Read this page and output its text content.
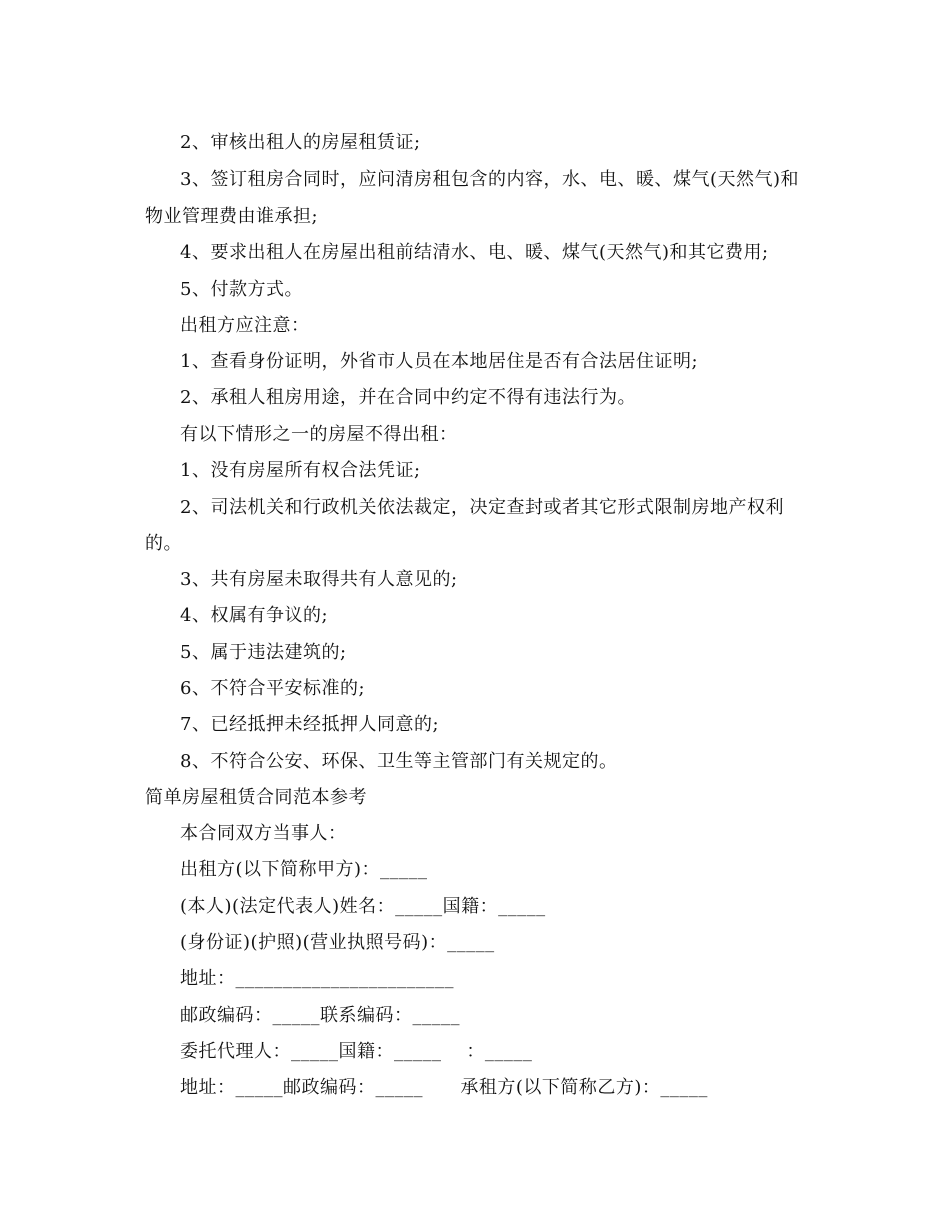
2、审核出租人的房屋租赁证;
3、签订租房合同时，应问清房租包含的内容，水、电、暖、煤气(天然气)和
物业管理费由谁承担;
4、要求出租人在房屋出租前结清水、电、暖、煤气(天然气)和其它费用;
5、付款方式。
出租方应注意：
1、查看身份证明，外省市人员在本地居住是否有合法居住证明;
2、承租人租房用途，并在合同中约定不得有违法行为。
有以下情形之一的房屋不得出租：
1、没有房屋所有权合法凭证;
2、司法机关和行政机关依法裁定，决定查封或者其它形式限制房地产权利
的。
3、共有房屋未取得共有人意见的;
4、权属有争议的;
5、属于违法建筑的;
6、不符合平安标准的;
7、已经抵押未经抵押人同意的;
8、不符合公安、环保、卫生等主管部门有关规定的。
简单房屋租赁合同范本参考
本合同双方当事人：
出租方(以下简称甲方)：_____
(本人)(法定代表人)姓名：_____国籍：_____
(身份证)(护照)(营业执照号码)：_____
地址：_______________________
邮政编码：_____联系编码：_____
委托代理人：_____国籍：_____    ：_____
地址：_____邮政编码：_____      承租方(以下简称乙方)：_____
